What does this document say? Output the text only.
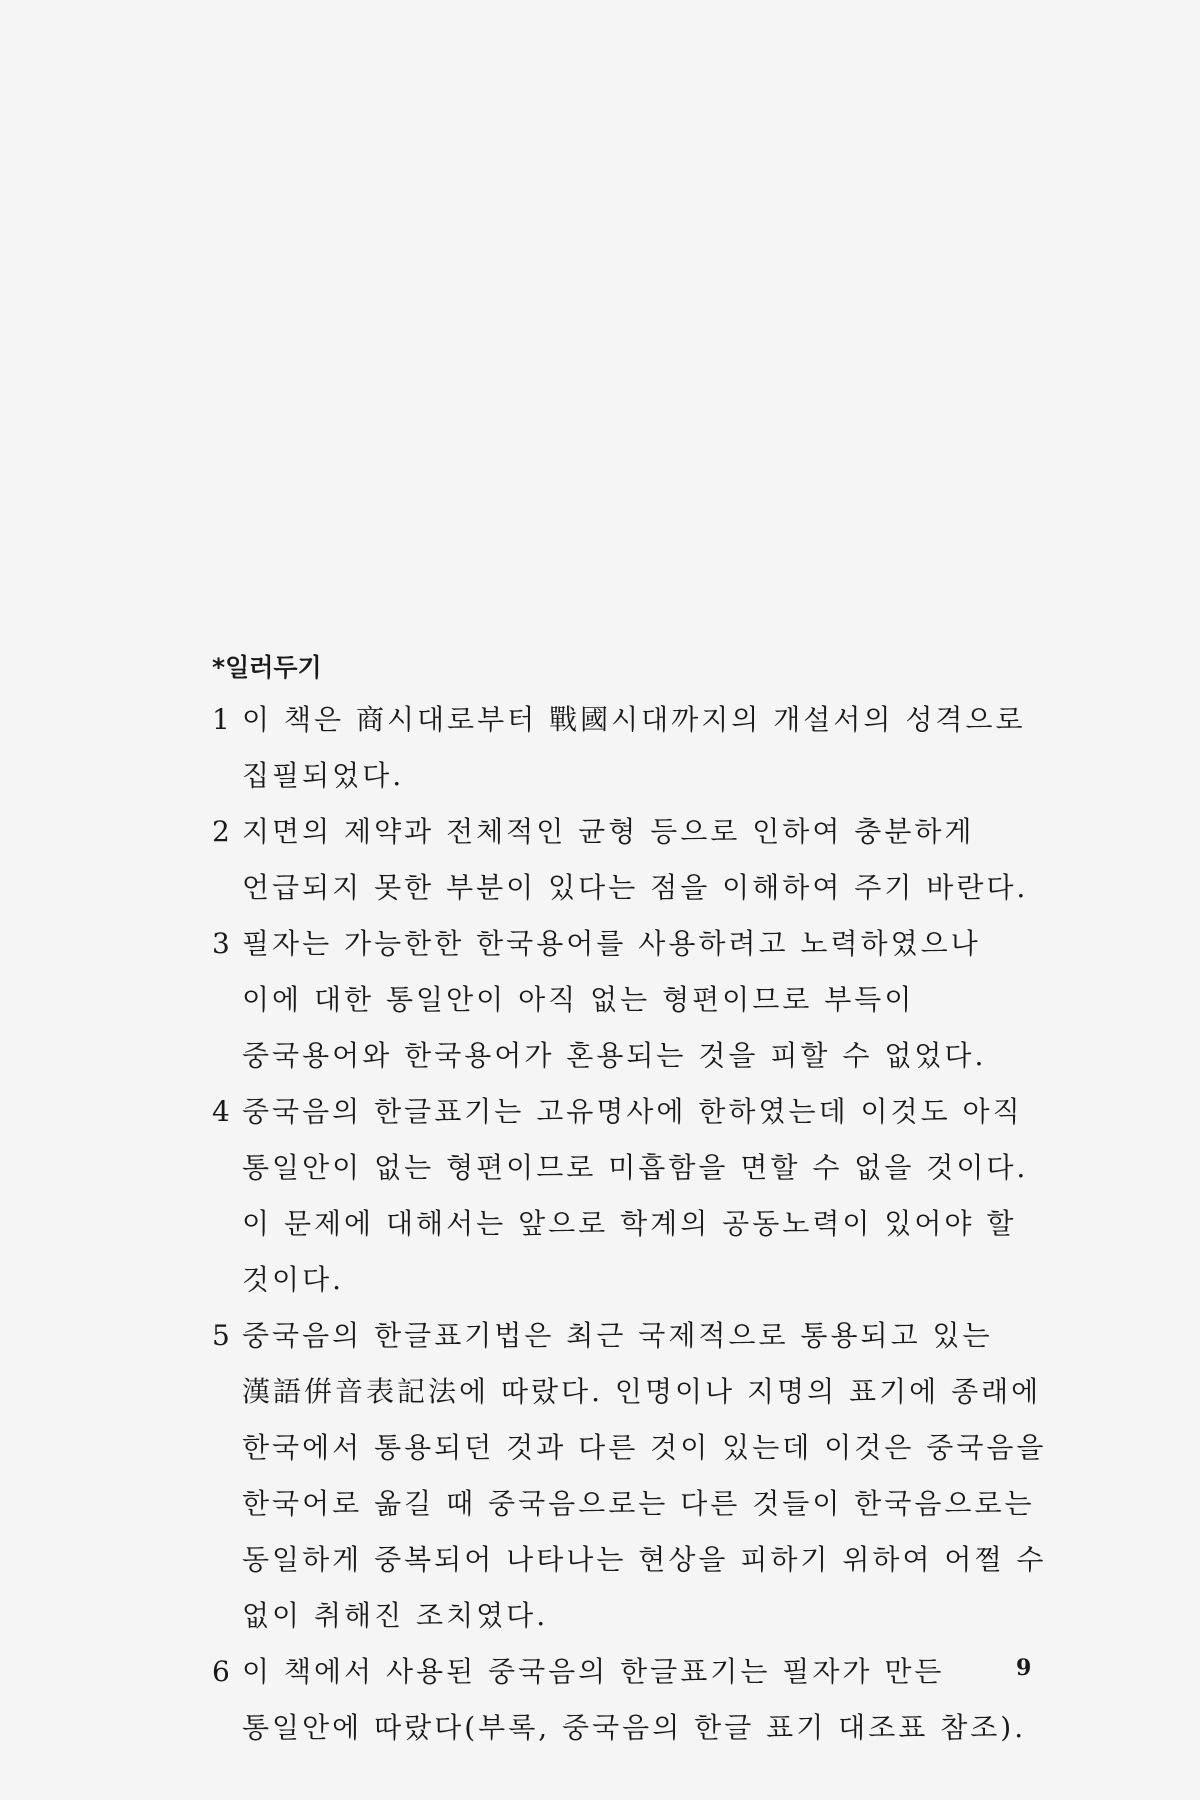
*일러두기
1 이 책은 商시대로부터 戰國시대까지의 개설서의 성격으로 집필되었다.
2 지면의 제약과 전체적인 균형 등으로 인하여 충분하게 언급되지 못한 부분이 있다는 점을 이해하여 주기 바란다.
3 필자는 가능한한 한국용어를 사용하려고 노력하였으나 이에 대한 통일안이 아직 없는 형편이므로 부득이 중국용어와 한국용어가 혼용되는 것을 피할 수 없었다.
4 중국음의 한글표기는 고유명사에 한하였는데 이것도 아직 통일안이 없는 형편이므로 미흡함을 면할 수 없을 것이다. 이 문제에 대해서는 앞으로 학계의 공동노력이 있어야 할 것이다.
5 중국음의 한글표기법은 최근 국제적으로 통용되고 있는 漢語倂音表記法에 따랐다. 인명이나 지명의 표기에 종래에 한국에서 통용되던 것과 다른 것이 있는데 이것은 중국음을 한국어로 옮길 때 중국음으로는 다른 것들이 한국음으로는 동일하게 중복되어 나타나는 현상을 피하기 위하여 어쩔 수 없이 취해진 조치였다.
6 이 책에서 사용된 중국음의 한글표기는 필자가 만든 통일안에 따랐다(부록, 중국음의 한글 표기 대조표 참조).
9
